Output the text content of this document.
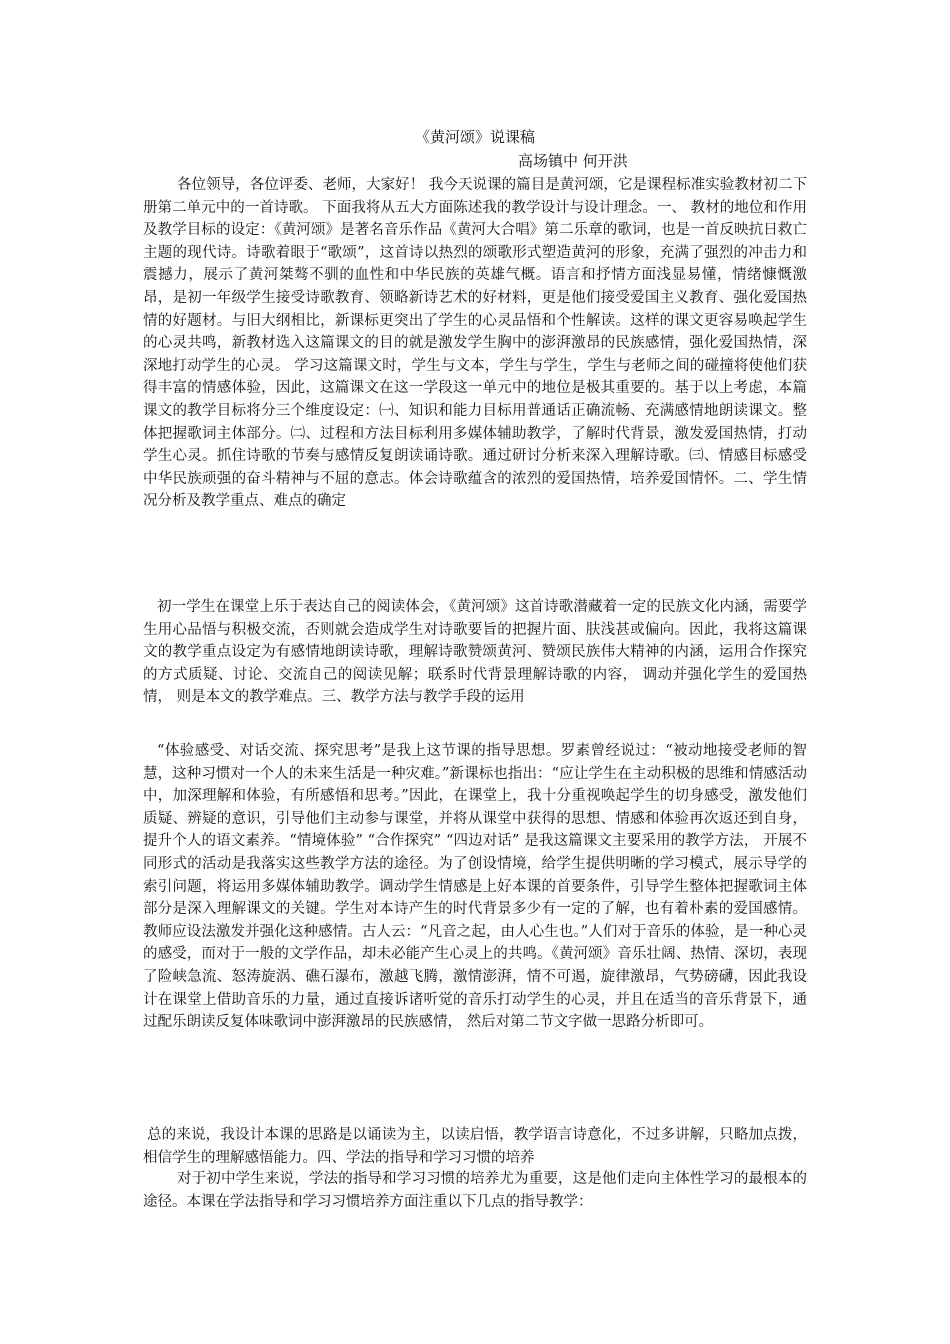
《黄河颂》说课稿

高场镇中 何开洪

各位领导，各位评委、老师，大家好！ 我今天说课的篇目是黄河颂，它是课程标准实验教材初二下册第二单元中的一首诗歌。 下面我将从五大方面陈述我的教学设计与设计理念。一、 教材的地位和作用及教学目标的设定：《黄河颂》是著名音乐作品《黄河大合唱》第二乐章的歌词，也是一首反映抗日救亡主题的现代诗。诗歌着眼于“歌颂”，这首诗以热烈的颂歌形式塑造黄河的形象，充满了强烈的冲击力和震撼力，展示了黄河桀骜不驯的血性和中华民族的英雄气概。语言和抒情方面浅显易懂，情绪慷慨激昂，是初一年级学生接受诗歌教育、领略新诗艺术的好材料，更是他们接受爱国主义教育、强化爱国热情的好题材。与旧大纲相比，新课标更突出了学生的心灵品悟和个性解读。这样的课文更容易唤起学生的心灵共鸣，新教材选入这篇课文的目的就是激发学生胸中的澎湃激昂的民族感情，强化爱国热情，深深地打动学生的心灵。 学习这篇课文时，学生与文本，学生与学生，学生与老师之间的碰撞将使他们获得丰富的情感体验，因此，这篇课文在这一学段这一单元中的地位是极其重要的。基于以上考虑，本篇课文的教学目标将分三个维度设定：㈠、知识和能力目标用普通话正确流畅、充满感情地朗读课文。整体把握歌词主体部分。㈡、过程和方法目标利用多媒体辅助教学，了解时代背景，激发爱国热情，打动学生心灵。抓住诗歌的节奏与感情反复朗读诵诗歌。通过研讨分析来深入理解诗歌。㈢、情感目标感受中华民族顽强的奋斗精神与不屈的意志。体会诗歌蕴含的浓烈的爱国热情，培养爱国情怀。二、学生情况分析及教学重点、难点的确定

初一学生在课堂上乐于表达自己的阅读体会，《黄河颂》这首诗歌潜藏着一定的民族文化内涵，需要学生用心品悟与积极交流，否则就会造成学生对诗歌要旨的把握片面、肤浅甚或偏向。因此，我将这篇课文的教学重点设定为有感情地朗读诗歌，理解诗歌赞颂黄河、赞颂民族伟大精神的内涵，运用合作探究的方式质疑、讨论、交流自己的阅读见解；联系时代背景理解诗歌的内容， 调动并强化学生的爱国热情， 则是本文的教学难点。三、教学方法与教学手段的运用

“体验感受、对话交流、探究思考”是我上这节课的指导思想。罗素曾经说过：“被动地接受老师的智慧，这种习惯对一个人的未来生活是一种灾难。”新课标也指出：“应让学生在主动积极的思维和情感活动中，加深理解和体验，有所感悟和思考。”因此，在课堂上，我十分重视唤起学生的切身感受，激发他们质疑、辨疑的意识，引导他们主动参与课堂，并将从课堂中获得的思想、情感和体验再次返还到自身，提升个人的语文素养。“情境体验” “合作探究” “四边对话” 是我这篇课文主要采用的教学方法， 开展不同形式的活动是我落实这些教学方法的途径。为了创设情境，给学生提供明晰的学习模式，展示导学的索引问题，将运用多媒体辅助教学。调动学生情感是上好本课的首要条件，引导学生整体把握歌词主体部分是深入理解课文的关键。学生对本诗产生的时代背景多少有一定的了解，也有着朴素的爱国感情。教师应设法激发并强化这种感情。古人云：“凡音之起，由人心生也。”人们对于音乐的体验，是一种心灵的感受，而对于一般的文学作品，却未必能产生心灵上的共鸣。《黄河颂》音乐壮阔、热情、深切，表现了险峡急流、怒涛旋涡、礁石瀑布，激越飞腾，激情澎湃，情不可遏，旋律激昂，气势磅礴，因此我设计在课堂上借助音乐的力量，通过直接诉诸听觉的音乐打动学生的心灵，并且在适当的音乐背景下，通过配乐朗读反复体味歌词中澎湃激昂的民族感情， 然后对第二节文字做一思路分析即可。

总的来说，我设计本课的思路是以诵读为主，以读启悟，教学语言诗意化，不过多讲解，只略加点拨，相信学生的理解感悟能力。四、学法的指导和学习习惯的培养

对于初中学生来说，学法的指导和学习习惯的培养尤为重要，这是他们走向主体性学习的最根本的途径。本课在学法指导和学习习惯培养方面注重以下几点的指导教学：
